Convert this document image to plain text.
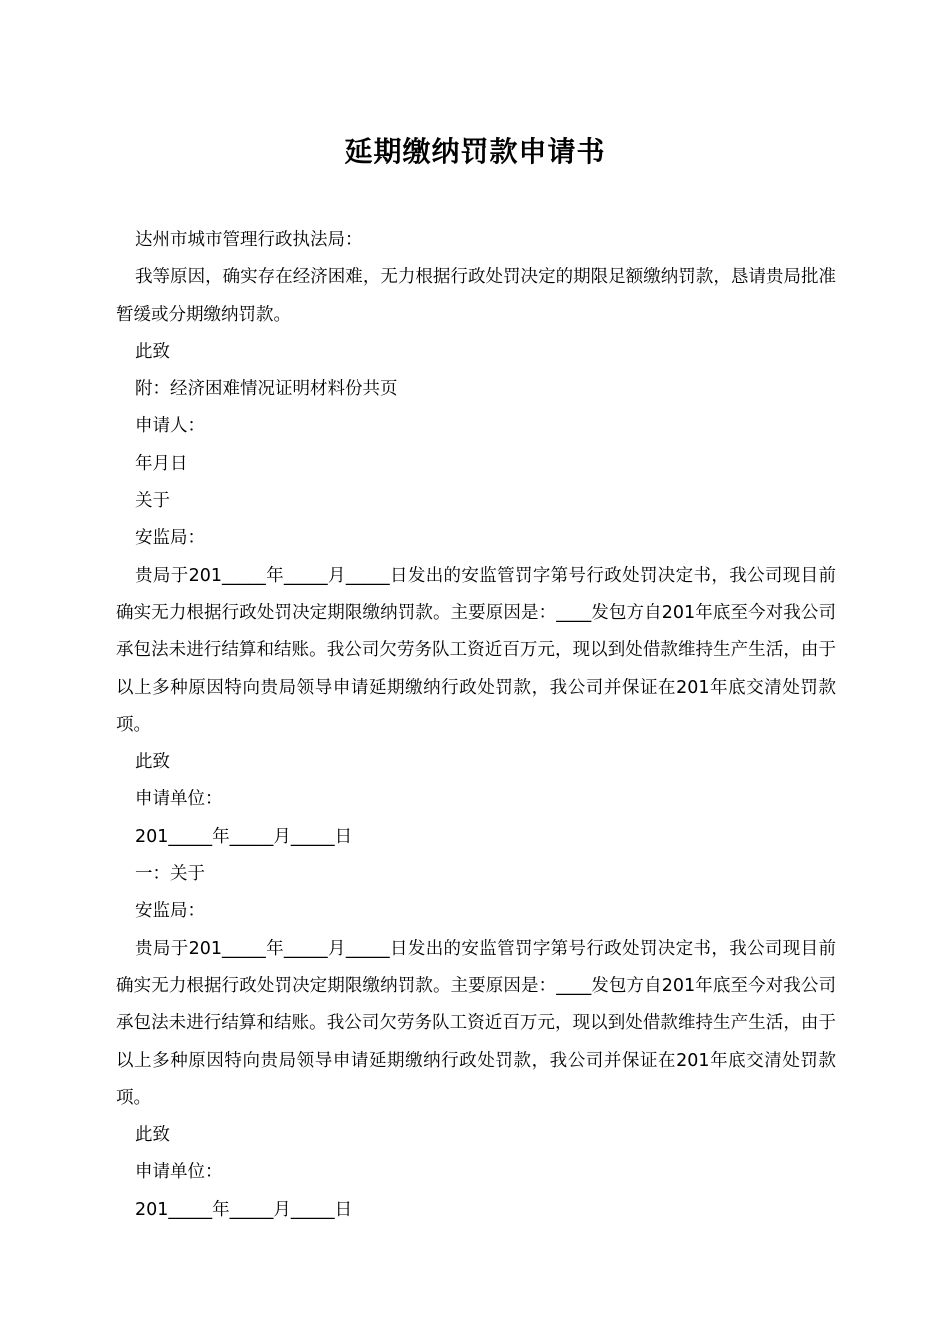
延期缴纳罚款申请书

达州市城市管理行政执法局：

我等原因，确实存在经济困难，无力根据行政处罚决定的期限足额缴纳罚款，恳请贵局批准暂缓或分期缴纳罚款。

此致

附：经济困难情况证明材料份共页

申请人：

年月日

关于

安监局：

贵局于201_____年_____月_____日发出的安监管罚字第号行政处罚决定书，我公司现目前确实无力根据行政处罚决定期限缴纳罚款。主要原因是：____发包方自201年底至今对我公司承包法未进行结算和结账。我公司欠劳务队工资近百万元，现以到处借款维持生产生活，由于以上多种原因特向贵局领导申请延期缴纳行政处罚款，我公司并保证在201年底交清处罚款项。

此致

申请单位：

201_____年_____月_____日

一：关于

安监局：

贵局于201_____年_____月_____日发出的安监管罚字第号行政处罚决定书，我公司现目前确实无力根据行政处罚决定期限缴纳罚款。主要原因是：____发包方自201年底至今对我公司承包法未进行结算和结账。我公司欠劳务队工资近百万元，现以到处借款维持生产生活，由于以上多种原因特向贵局领导申请延期缴纳行政处罚款，我公司并保证在201年底交清处罚款项。

此致

申请单位：

201_____年_____月_____日
